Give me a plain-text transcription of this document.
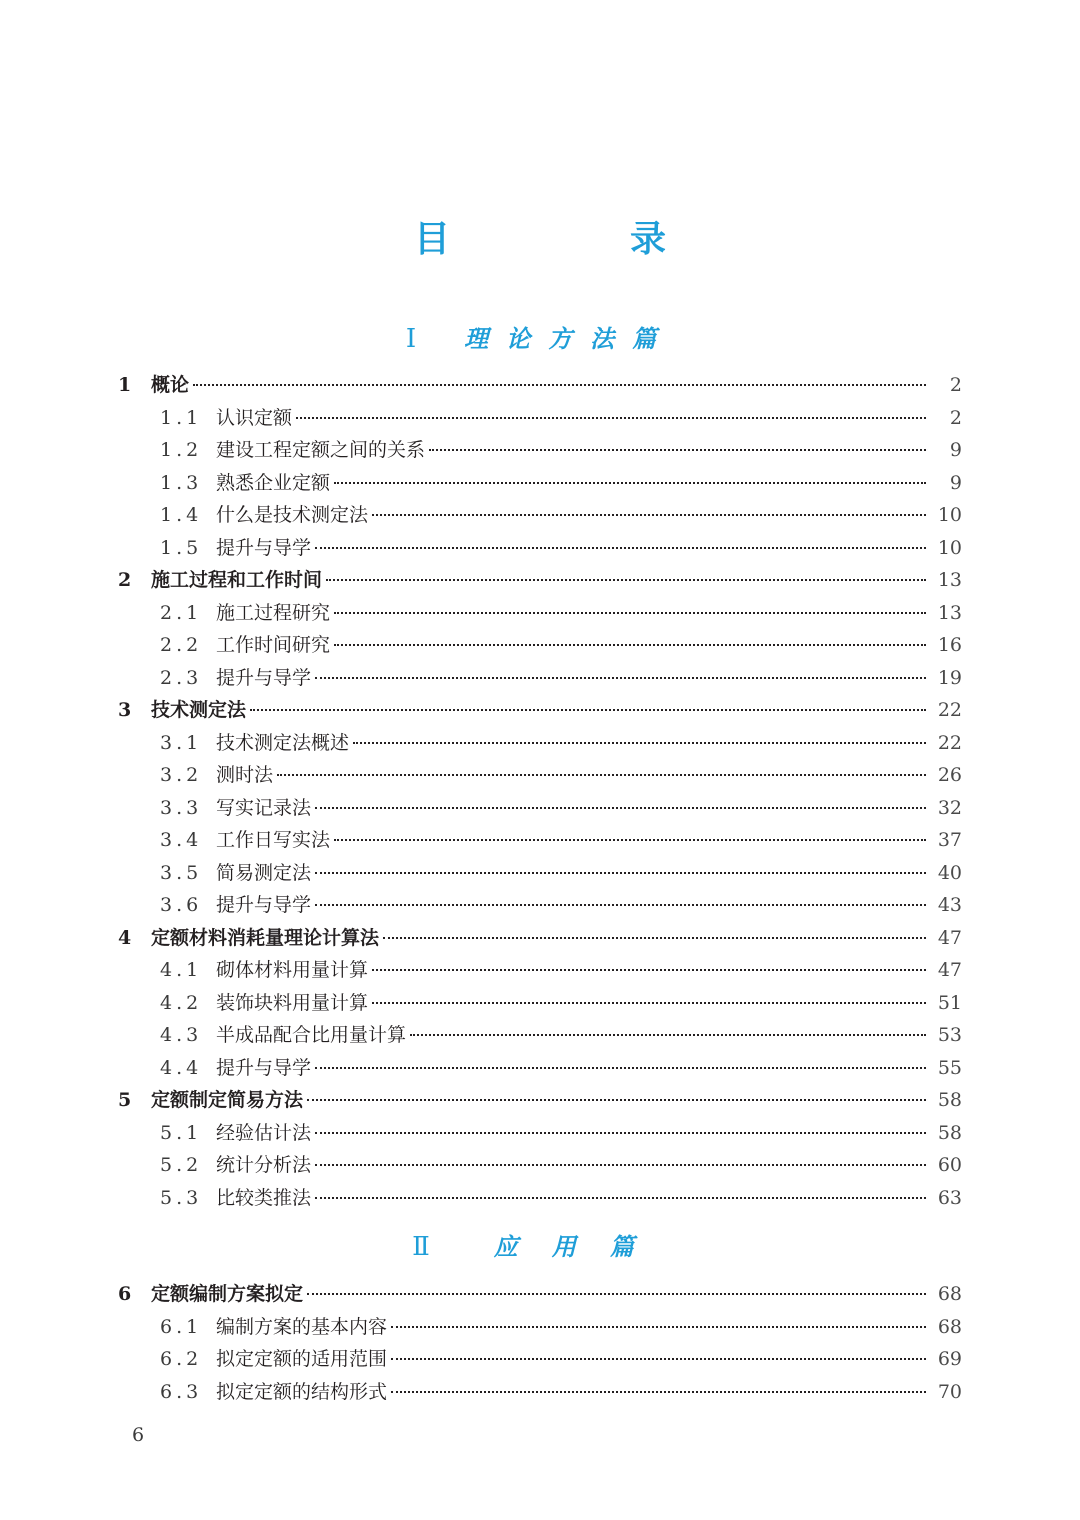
目　录
Ⅰ 理论方法篇
1	概论	2
1.1 认识定额	2
1.2 建设工程定额之间的关系	9
1.3 熟悉企业定额	9
1.4 什么是技术测定法	10
1.5 提升与导学	10
2	施工过程和工作时间	13
2.1 施工过程研究	13
2.2 工作时间研究	16
2.3 提升与导学	19
3	技术测定法	22
3.1 技术测定法概述	22
3.2 测时法	26
3.3 写实记录法	32
3.4 工作日写实法	37
3.5 简易测定法	40
3.6 提升与导学	43
4	定额材料消耗量理论计算法	47
4.1 砌体材料用量计算	47
4.2 装饰块料用量计算	51
4.3 半成品配合比用量计算	53
4.4 提升与导学	55
5	定额制定简易方法	58
5.1 经验估计法	58
5.2 统计分析法	60
5.3 比较类推法	63
Ⅱ 应用篇
6	定额编制方案拟定	68
6.1 编制方案的基本内容	68
6.2 拟定定额的适用范围	69
6.3 拟定定额的结构形式	70
6
